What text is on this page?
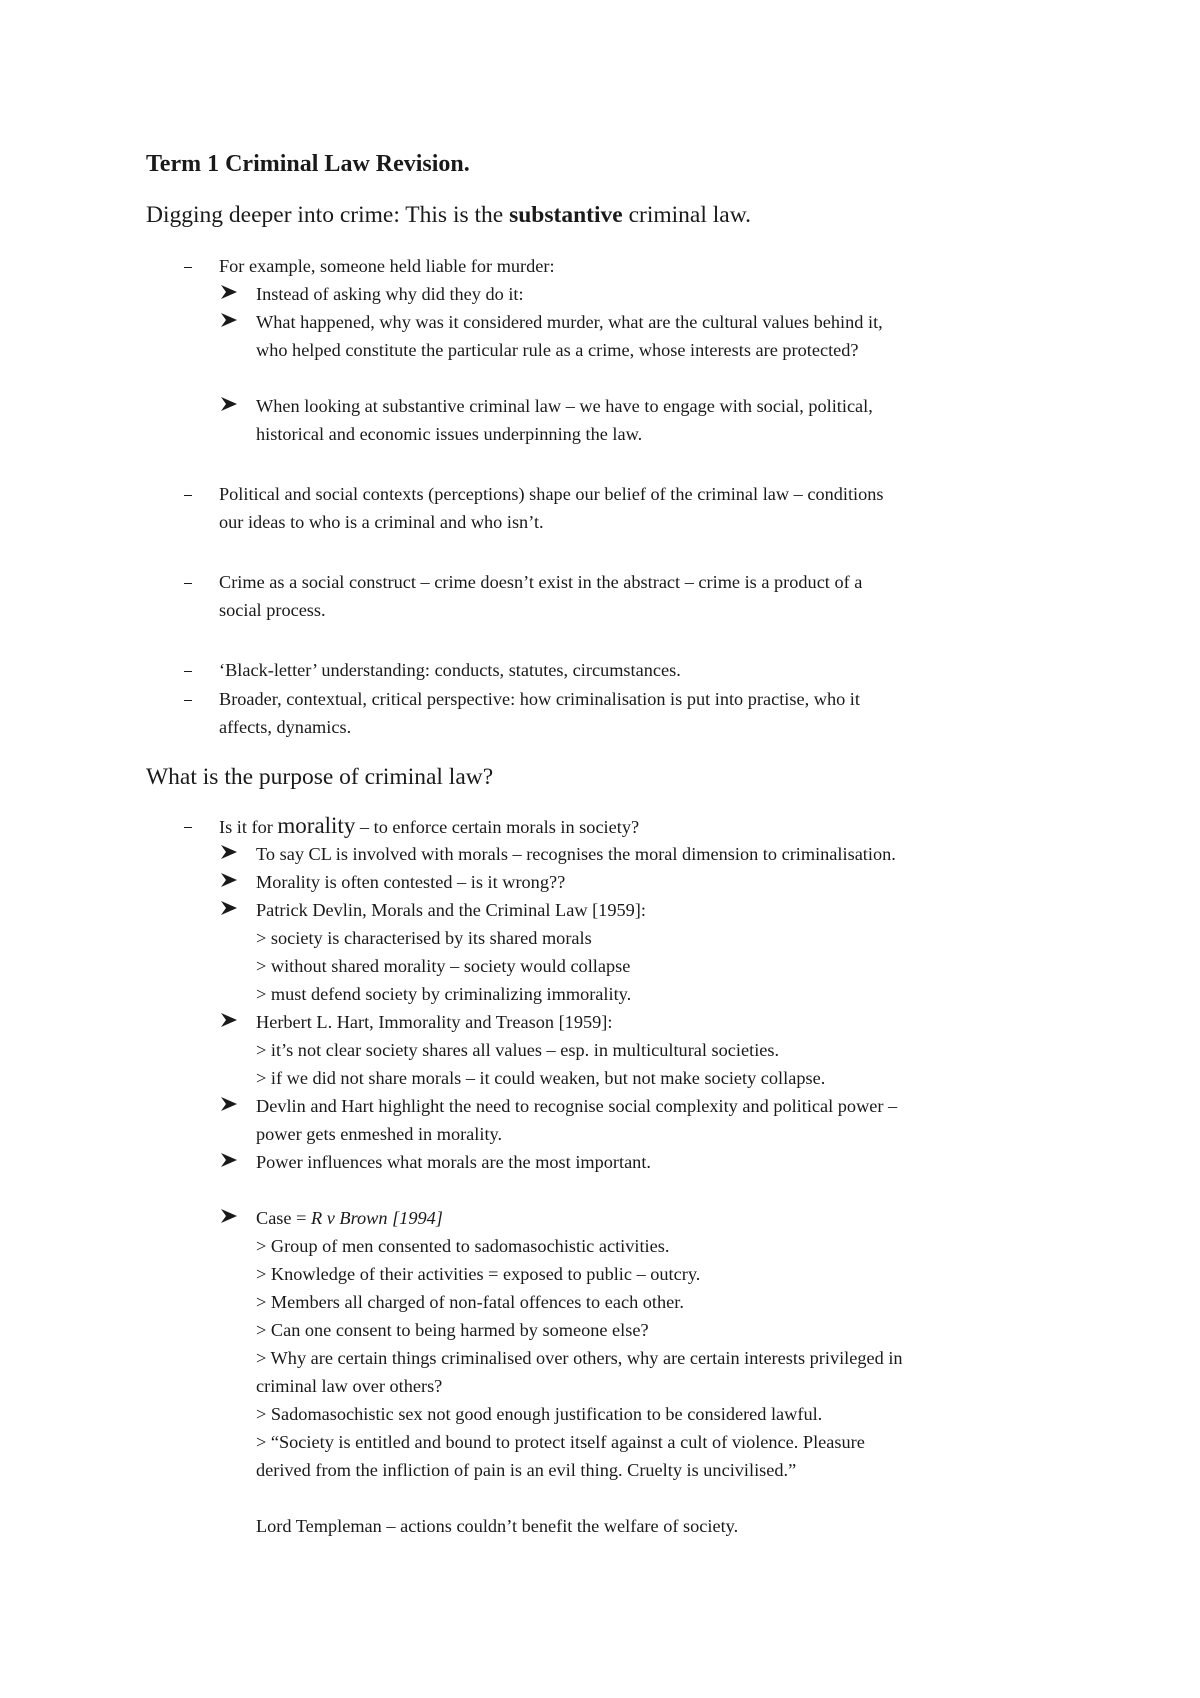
Term 1 Criminal Law Revision.
Digging deeper into crime: This is the substantive criminal law.
For example, someone held liable for murder:
Instead of asking why did they do it:
What happened, why was it considered murder, what are the cultural values behind it,
who helped constitute the particular rule as a crime, whose interests are protected?
When looking at substantive criminal law – we have to engage with social, political,
historical and economic issues underpinning the law.
Political and social contexts (perceptions) shape our belief of the criminal law – conditions
our ideas to who is a criminal and who isn’t.
Crime as a social construct – crime doesn’t exist in the abstract – crime is a product of a
social process.
‘Black-letter’ understanding: conducts, statutes, circumstances.
Broader, contextual, critical perspective: how criminalisation is put into practise, who it
affects, dynamics.
What is the purpose of criminal law?
Is it for morality – to enforce certain morals in society?
To say CL is involved with morals – recognises the moral dimension to criminalisation.
Morality is often contested – is it wrong??
Patrick Devlin, Morals and the Criminal Law [1959]:
> society is characterised by its shared morals
> without shared morality – society would collapse
> must defend society by criminalizing immorality.
Herbert L. Hart, Immorality and Treason [1959]:
> it’s not clear society shares all values – esp. in multicultural societies.
> if we did not share morals – it could weaken, but not make society collapse.
Devlin and Hart highlight the need to recognise social complexity and political power –
power gets enmeshed in morality.
Power influences what morals are the most important.
Case = R v Brown [1994]
> Group of men consented to sadomasochistic activities.
> Knowledge of their activities = exposed to public – outcry.
> Members all charged of non-fatal offences to each other.
> Can one consent to being harmed by someone else?
> Why are certain things criminalised over others, why are certain interests privileged in
criminal law over others?
> Sadomasochistic sex not good enough justification to be considered lawful.
> “Society is entitled and bound to protect itself against a cult of violence. Pleasure
derived from the infliction of pain is an evil thing. Cruelty is uncivilised.”
Lord Templeman – actions couldn’t benefit the welfare of society.
